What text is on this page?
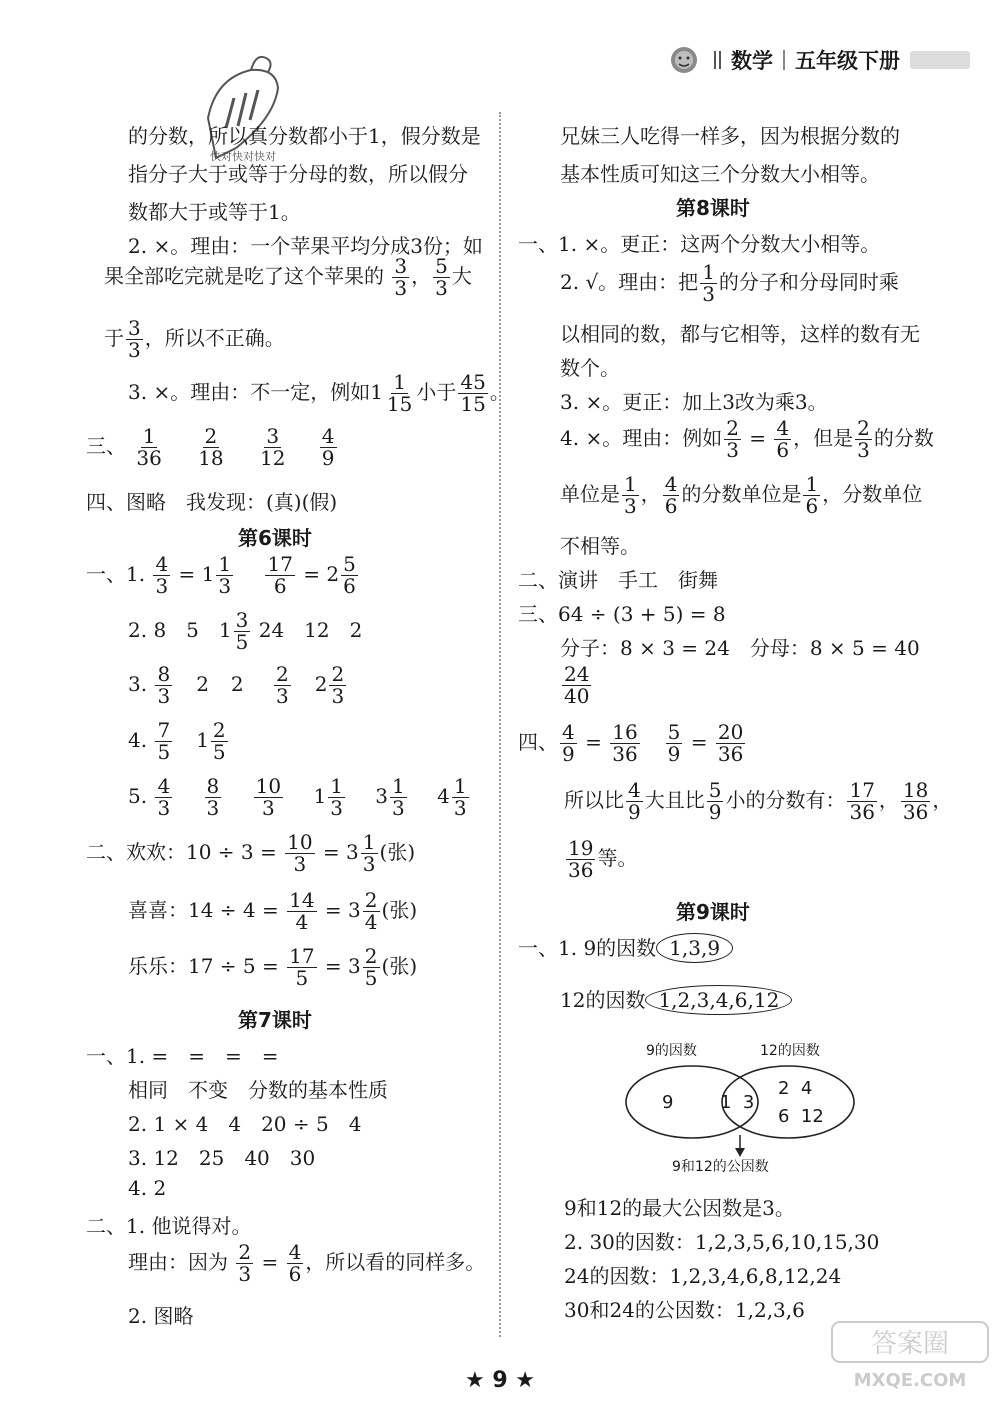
数学 五年级下册
快对快对快对
的分数，所以真分数都小于1，假分数是
指分子大于或等于分母的数，所以假分
数都大于或等于1。
2. ×。理由：一个苹果平均分成3份；如
果全部吃完就是吃了这个苹果的 $\frac{3}{3}$ ， $\frac{5}{3}$ 大
于 $\frac{3}{3}$ ，所以不正确。
3. ×。理由：不一定，例如$1 \frac{1}{15}$ 小于 $\frac{45}{15}$ 。
三、 $\frac{1}{36}$
$\frac{2}{18}$
$\frac{3}{12}$
$\frac{4}{9}$
四、图略　我发现：(真)(假)
第6课时
一、1. $\frac{4}{3} = 1 \frac{1}{3}$
$\frac{17}{6} = 2 \frac{5}{6}$
2. 8　5　$1 \frac{3}{5} 24$　12　2
3. $\frac{8}{3} 2$ $2 \frac{2}{3} 2 \frac{2}{3}$
4. $\frac{7}{5} 1 \frac{2}{5}$
5. $\frac{4}{3}$
$\frac{8}{3}$
$\frac{10}{3} 1 \frac{1}{3} 3 \frac{1}{3} 4 \frac{1}{3}$
二、欢欢：$10 \div 3 = \frac{10}{3} = 3 \frac{1}{3}$ (张)
喜喜：$14 \div 4 = \frac{14}{4} = 3 \frac{2}{4}$ (张)
乐乐：$17 \div 5 = \frac{17}{5} = 3 \frac{2}{5}$ (张)
第7课时
一、1. =　=　=　=
相同　不变　分数的基本性质
2. 1 × 4　4　20 ÷ 5　4
3. 12　25　40　30
4. 2
二、1. 他说得对。
理由：因为 $\frac{2}{3} = \frac{4}{6}$ ，所以看的同样多。
2. 图略
兄妹三人吃得一样多，因为根据分数的
基本性质可知这三个分数大小相等。
第8课时
一、1. ×。更正：这两个分数大小相等。
2. √。理由：把 $\frac{1}{3}$ 的分子和分母同时乘
以相同的数，都与它相等，这样的数有无
数个。
3. ×。更正：加上3改为乘3。
4. ×。理由：例如 $\frac{2}{3} = \frac{4}{6}$ ，但是 $\frac{2}{3}$ 的分数
单位是 $\frac{1}{3}$ ， $\frac{4}{6}$ 的分数单位是 $\frac{1}{6}$ ，分数单位
不相等。
二、演讲　手工　街舞
三、64 ÷ (3 + 5) = 8
分子：8 × 3 = 24　分母：8 × 5 = 40
$\frac{24}{40}$
四、 $\frac{4}{9} = \frac{16}{36} \frac{5}{9} = \frac{20}{36}$
所以比 $\frac{4}{9}$ 大且比 $\frac{5}{9}$ 小的分数有： $\frac{17}{36}$ ， $\frac{18}{36}$ ，
$\frac{19}{36}$ 等。
第9课时
一、1. 9的因数 1,3,9
12的因数 1,2,3,4,6,12
9的因数	12的因数
9	1  3
2  4
6  12
9和12的公因数
9和12的最大公因数是3。
2. 30的因数：1,2,3,5,6,10,15,30
24的因数：1,2,3,4,6,8,12,24
30和24的公因数：1,2,3,6
★ 9 ★
答案圈
MXQE.COM
